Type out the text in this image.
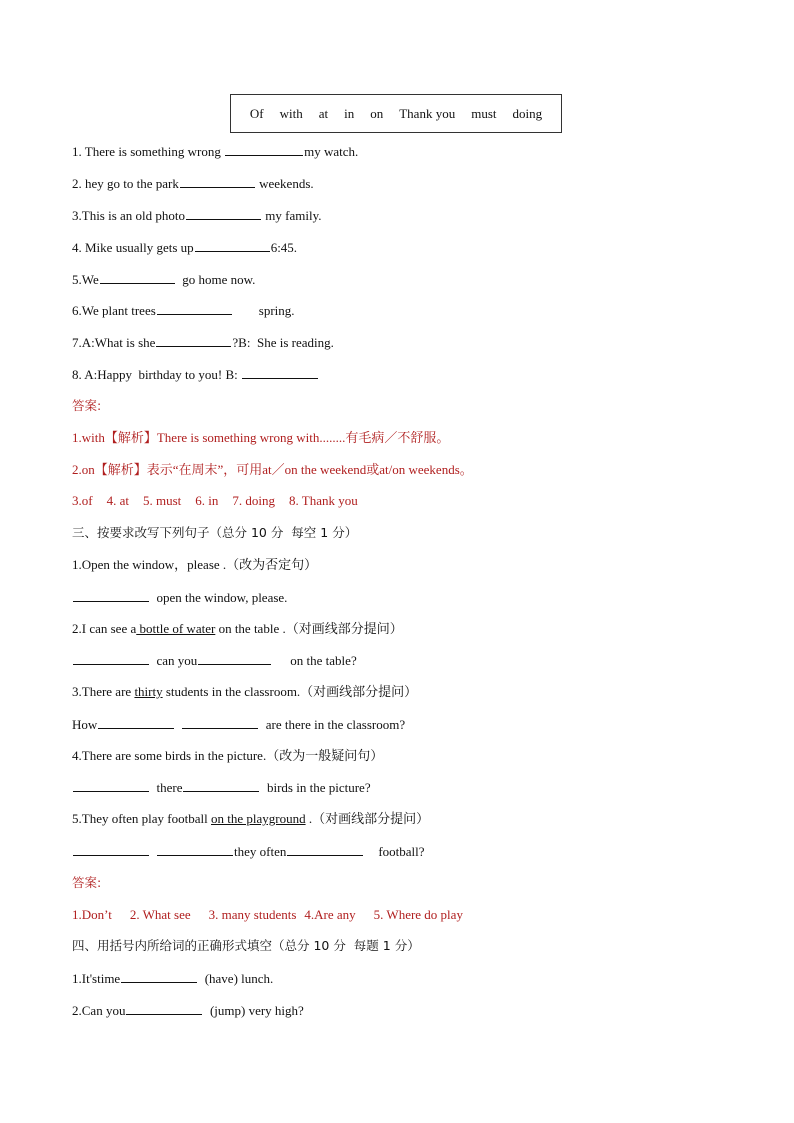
Of with at in on Thank you must doing
1. There is something wrong	my watch.
2. hey go to the park	weekends.
3.This is an old photo	my family.
4. Mike usually gets up	6:45.
5.We	go home now.
6.We plant trees	spring.
7.A:What is she	?B:  She is reading.
8. A:Happy  birthday to you! B:
答案:
1.with【解析】There is something wrong with........有毛病／不舒服。
2.on【解析】表示“在周末”，可用at／on the weekend或at/on weekends。
3.of 4. at 5. must 6. in 7. doing 8. Thank you
三、按要求改写下列句子（总分 10 分  每空 1 分）
1.Open the window，please .（改为否定句）
open the window, please.
2.I can see a bottle of water on the table .（对画线部分提问）
can you	on the table?
3.There are thirty students in the classroom.（对画线部分提问）
How	are there in the classroom?
4.There are some birds in the picture.（改为一般疑问句）
there	birds in the picture?
5.They often play football on the playground .（对画线部分提问）
they often	football?
答案:
1.Don’t 2. What see 3. many students 4.Are any 5. Where do play
四、用括号内所给词的正确形式填空（总分 10 分  每题 1 分）
1.It'stime	(have) lunch.
2.Can you	(jump) very high?
